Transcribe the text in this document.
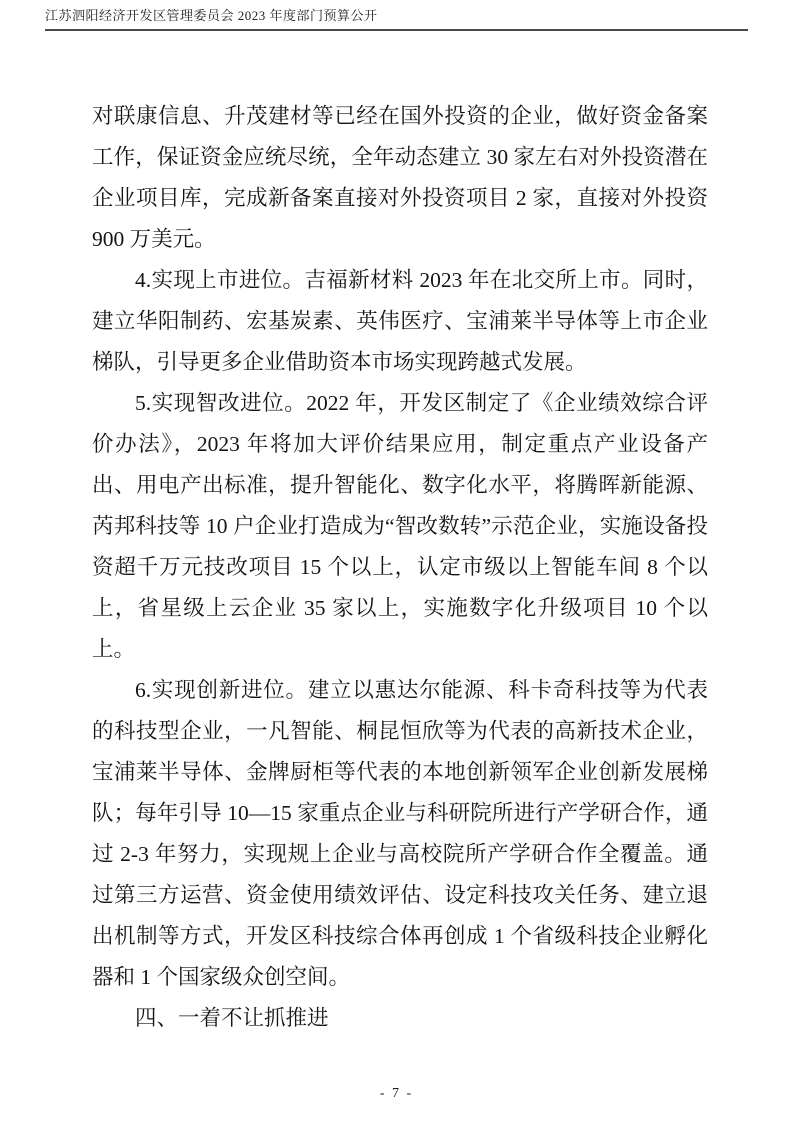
江苏泗阳经济开发区管理委员会 2023 年度部门预算公开

对联康信息、升茂建材等已经在国外投资的企业，做好资金备案工作，保证资金应统尽统，全年动态建立 30 家左右对外投资潜在企业项目库，完成新备案直接对外投资项目 2 家，直接对外投资 900 万美元。

4.实现上市进位。吉福新材料 2023 年在北交所上市。同时，建立华阳制药、宏基炭素、英伟医疗、宝浦莱半导体等上市企业梯队，引导更多企业借助资本市场实现跨越式发展。

5.实现智改进位。2022 年，开发区制定了《企业绩效综合评价办法》，2023 年将加大评价结果应用，制定重点产业设备产出、用电产出标准，提升智能化、数字化水平，将腾晖新能源、芮邦科技等 10 户企业打造成为“智改数转”示范企业，实施设备投资超千万元技改项目 15 个以上，认定市级以上智能车间 8 个以上，省星级上云企业 35 家以上，实施数字化升级项目 10 个以上。

6.实现创新进位。建立以惠达尔能源、科卡奇科技等为代表的科技型企业，一凡智能、桐昆恒欣等为代表的高新技术企业，宝浦莱半导体、金牌厨柜等代表的本地创新领军企业创新发展梯队；每年引导 10—15 家重点企业与科研院所进行产学研合作，通过 2-3 年努力，实现规上企业与高校院所产学研合作全覆盖。通过第三方运营、资金使用绩效评估、设定科技攻关任务、建立退出机制等方式，开发区科技综合体再创成 1 个省级科技企业孵化器和 1 个国家级众创空间。

四、一着不让抓推进

- 7 -
